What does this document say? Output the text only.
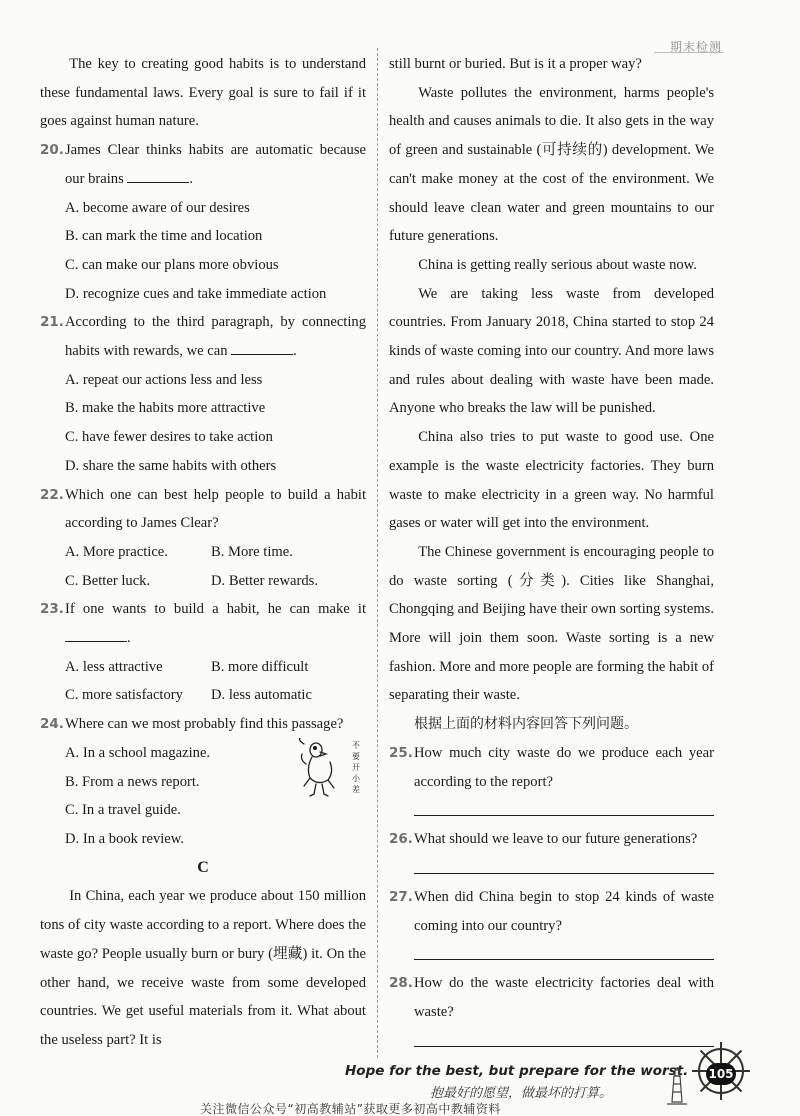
期末检测

The key to creating good habits is to understand these fundamental laws. Every goal is sure to fail if it goes against human nature.

20. James Clear thinks habits are automatic because our brains	.
A. become aware of our desires
B. can mark the time and location
C. can make our plans more obvious
D. recognize cues and take immediate action
21. According to the third paragraph, by connecting habits with rewards, we can	.
A. repeat our actions less and less
B. make the habits more attractive
C. have fewer desires to take action
D. share the same habits with others
22. Which one can best help people to build a habit according to James Clear?
A. More practice.	B. More time.
C. Better luck.	D. Better rewards.
23. If one wants to build a habit, he can make it .
A. less attractive	B. more difficult
C. more satisfactory	D. less automatic
24. Where can we most probably find this passage?
A. In a school magazine.
B. From a news report.
C. In a travel guide.
D. In a book review.
C

In China, each year we produce about 150 million tons of city waste according to a report. Where does the waste go? People usually burn or bury (埋藏) it. On the other hand, we receive waste from some developed countries. We get useful materials from it. What about the useless part? It is

不
要
开
小
差

still burnt or buried. But is it a proper way?

Waste pollutes the environment, harms people's health and causes animals to die. It also gets in the way of green and sustainable (可持续的) development. We can't make money at the cost of the environment. We should leave clean water and green mountains to our future generations.

China is getting really serious about waste now.

We are taking less waste from developed countries. From January 2018, China started to stop 24 kinds of waste coming into our country. And more laws and rules about dealing with waste have been made. Anyone who breaks the law will be punished.

China also tries to put waste to good use. One example is the waste electricity factories. They burn waste to make electricity in a green way. No harmful gases or water will get into the environment.

The Chinese government is encouraging people to do waste sorting (分类). Cities like Shanghai, Chongqing and Beijing have their own sorting systems. More will join them soon. Waste sorting is a new fashion. More and more people are forming the habit of separating their waste.

根据上面的材料内容回答下列问题。
25. How much city waste do we produce each year according to the report?
26. What should we leave to our future generations?
27. When did China begin to stop 24 kinds of waste coming into our country?
28. How do the waste electricity factories deal with waste?
Hope for the best, but prepare for the worst.
抱最好的愿望，做最坏的打算。
关注微信公众号“初高教辅站”获取更多初高中教辅资料
105
